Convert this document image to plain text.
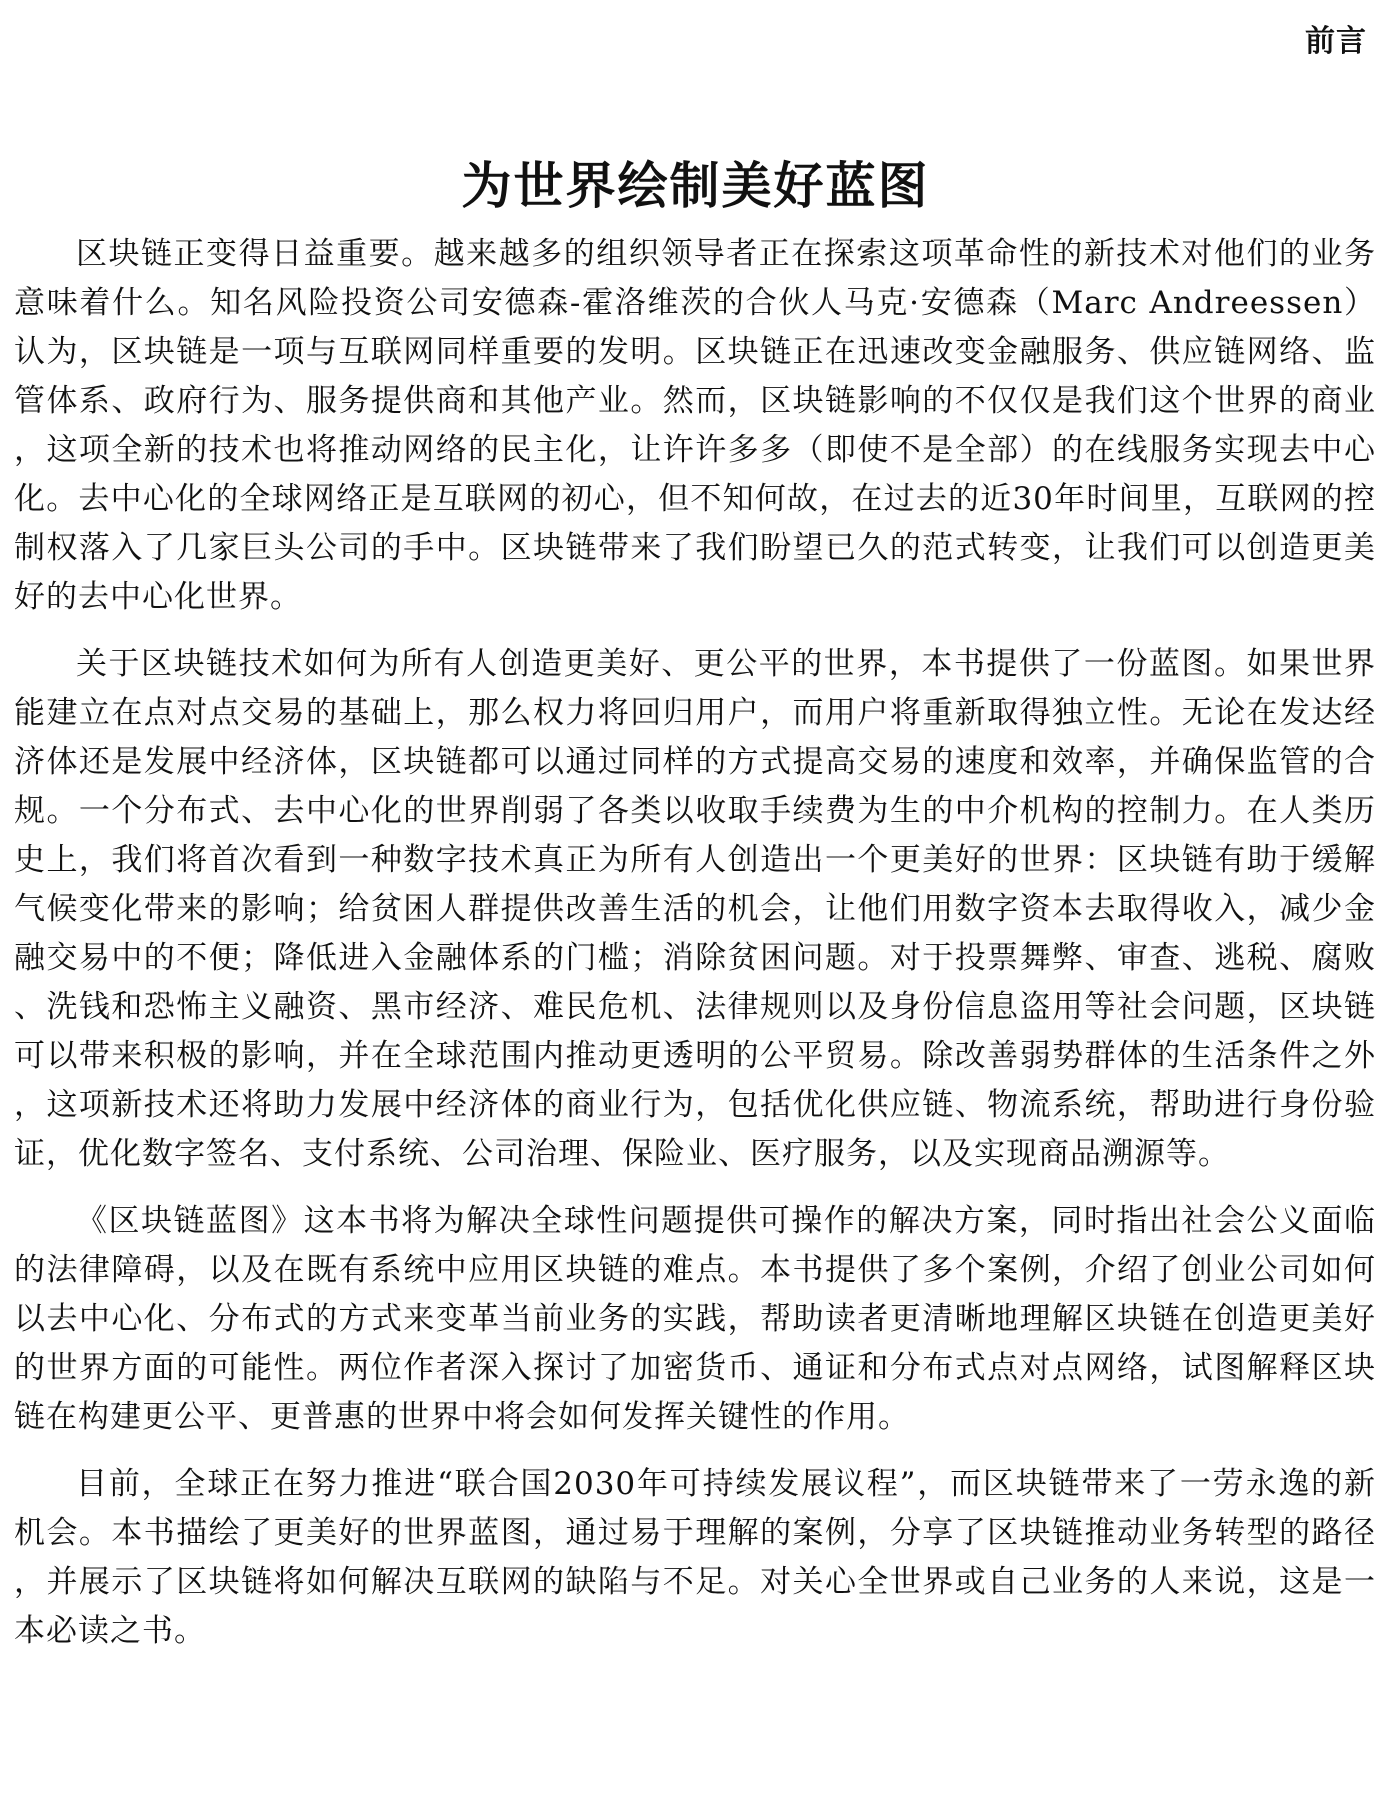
前言
为世界绘制美好蓝图

区块链正变得日益重要。越来越多的组织领导者正在探索这项革命性的新技术对他们的业务意味着什么。知名风险投资公司安德森-霍洛维茨的合伙人马克·安德森（Marc Andreessen）认为，区块链是一项与互联网同样重要的发明。区块链正在迅速改变金融服务、供应链网络、监管体系、政府行为、服务提供商和其他产业。然而，区块链影响的不仅仅是我们这个世界的商业，这项全新的技术也将推动网络的民主化，让许许多多（即使不是全部）的在线服务实现去中心化。去中心化的全球网络正是互联网的初心，但不知何故，在过去的近30年时间里，互联网的控制权落入了几家巨头公司的手中。区块链带来了我们盼望已久的范式转变，让我们可以创造更美好的去中心化世界。

关于区块链技术如何为所有人创造更美好、更公平的世界，本书提供了一份蓝图。如果世界能建立在点对点交易的基础上，那么权力将回归用户，而用户将重新取得独立性。无论在发达经济体还是发展中经济体，区块链都可以通过同样的方式提高交易的速度和效率，并确保监管的合规。一个分布式、去中心化的世界削弱了各类以收取手续费为生的中介机构的控制力。在人类历史上，我们将首次看到一种数字技术真正为所有人创造出一个更美好的世界：区块链有助于缓解气候变化带来的影响；给贫困人群提供改善生活的机会，让他们用数字资本去取得收入，减少金融交易中的不便；降低进入金融体系的门槛；消除贫困问题。对于投票舞弊、审查、逃税、腐败、洗钱和恐怖主义融资、黑市经济、难民危机、法律规则以及身份信息盗用等社会问题，区块链可以带来积极的影响，并在全球范围内推动更透明的公平贸易。除改善弱势群体的生活条件之外，这项新技术还将助力发展中经济体的商业行为，包括优化供应链、物流系统，帮助进行身份验证，优化数字签名、支付系统、公司治理、保险业、医疗服务，以及实现商品溯源等。

《区块链蓝图》这本书将为解决全球性问题提供可操作的解决方案，同时指出社会公义面临的法律障碍，以及在既有系统中应用区块链的难点。本书提供了多个案例，介绍了创业公司如何以去中心化、分布式的方式来变革当前业务的实践，帮助读者更清晰地理解区块链在创造更美好的世界方面的可能性。两位作者深入探讨了加密货币、通证和分布式点对点网络，试图解释区块链在构建更公平、更普惠的世界中将会如何发挥关键性的作用。

目前，全球正在努力推进“联合国2030年可持续发展议程”，而区块链带来了一劳永逸的新机会。本书描绘了更美好的世界蓝图，通过易于理解的案例，分享了区块链推动业务转型的路径，并展示了区块链将如何解决互联网的缺陷与不足。对关心全世界或自己业务的人来说，这是一本必读之书。
